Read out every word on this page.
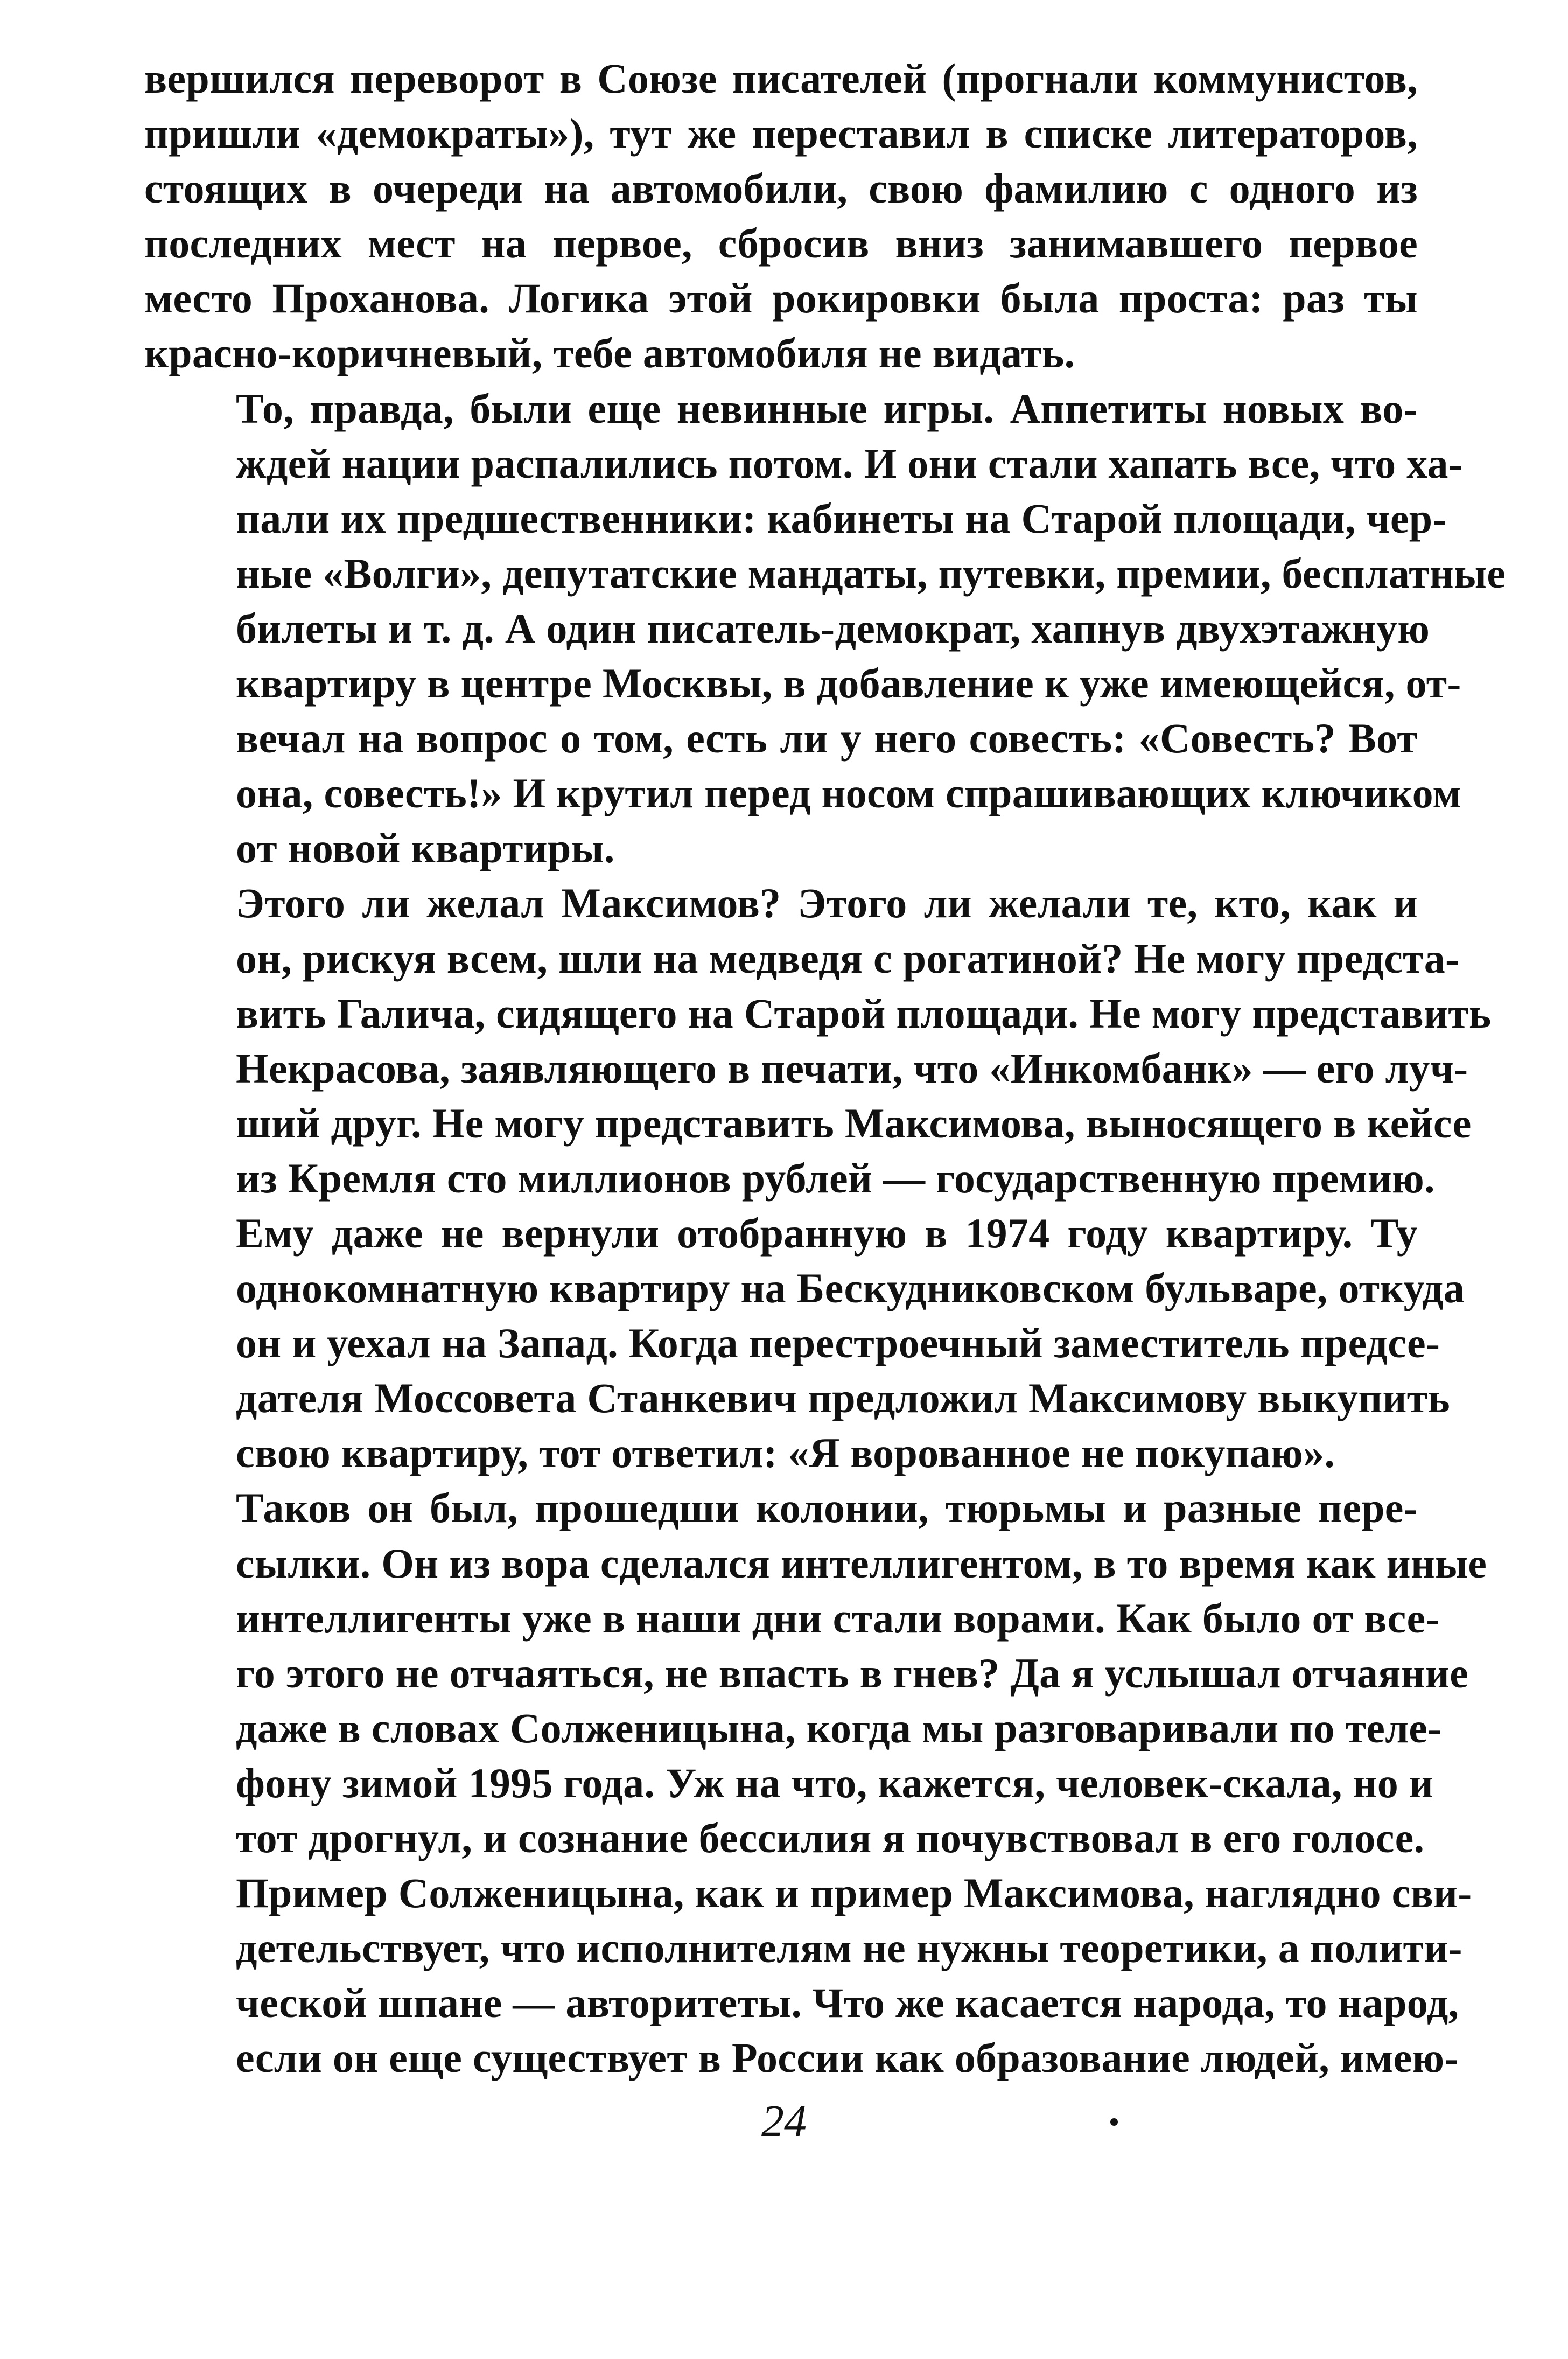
вершился переворот в Союзе писателей (прогнали коммунистов,
пришли «демократы»), тут же переставил в списке литераторов,
стоящих в очереди на автомобили, свою фамилию с одного из
последних мест на первое, сбросив вниз занимавшего первое
место Проханова. Логика этой рокировки была проста: раз ты
красно-коричневый, тебе автомобиля не видать.

То, правда, были еще невинные игры. Аппетиты новых во-
ждей нации распалились потом. И они стали хапать все, что ха-
пали их предшественники: кабинеты на Старой площади, чер-
ные «Волги», депутатские мандаты, путевки, премии, бесплатные
билеты и т. д. А один писатель-демократ, хапнув двухэтажную
квартиру в центре Москвы, в добавление к уже имеющейся, от-
вечал на вопрос о том, есть ли у него совесть: «Совесть? Вот
она, совесть!» И крутил перед носом спрашивающих ключиком
от новой квартиры.

Этого ли желал Максимов? Этого ли желали те, кто, как и
он, рискуя всем, шли на медведя с рогатиной? Не могу предста-
вить Галича, сидящего на Старой площади. Не могу представить
Некрасова, заявляющего в печати, что «Инкомбанк» — его луч-
ший друг. Не могу представить Максимова, выносящего в кейсе
из Кремля сто миллионов рублей — государственную премию.

Ему даже не вернули отобранную в 1974 году квартиру. Ту
однокомнатную квартиру на Бескудниковском бульваре, откуда
он и уехал на Запад. Когда перестроечный заместитель предсе-
дателя Моссовета Станкевич предложил Максимову выкупить
свою квартиру, тот ответил: «Я ворованное не покупаю».

Таков он был, прошедши колонии, тюрьмы и разные пере-
сылки. Он из вора сделался интеллигентом, в то время как иные
интеллигенты уже в наши дни стали ворами. Как было от все-
го этого не отчаяться, не впасть в гнев? Да я услышал отчаяние
даже в словах Солженицына, когда мы разговаривали по теле-
фону зимой 1995 года. Уж на что, кажется, человек-скала, но и
тот дрогнул, и сознание бессилия я почувствовал в его голосе.
Пример Солженицына, как и пример Максимова, наглядно сви-
детельствует, что исполнителям не нужны теоретики, а полити-
ческой шпане — авторитеты. Что же касается народа, то народ,
если он еще существует в России как образование людей, имею-

24
